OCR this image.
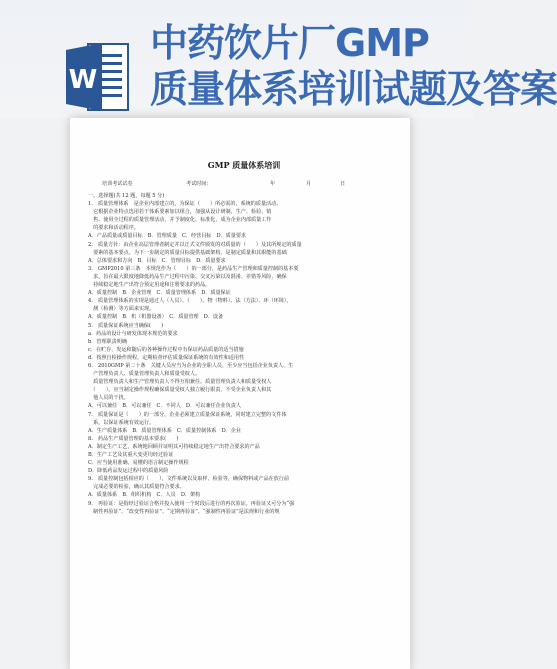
W
中药饮片厂GMP
质量体系培训试题及答案
GMP 质量体系培训
培训考试试卷	考试时间：	年	月	日
一、选择题(共 12 题，每题 5 分)
1.　质量管理体系　是企业内部建立的，为保证（　　）所必需的，系统的质量活动。
　它根据企业特点选用若干体系要素加以组合，加强从设计研制、生产、检验、销
　售、使用全过程的质量管理活动，并予制度化、标准化，成为企业内部质量工作
　的要求和活动程序。
A．产品质量或质量目标　B．管理质量　C．经营目标　D．质量要求
2.　质量方针：由企业高层管理者制定并以正式文件颁发的对质量的（　　）及其所规定的质量
　要素的基本要点。为下一步制定的质量目标提供基础架构，是制定质量和其职能的基础
A．总体要求和方向　B．目标　C．管理目标　D．质量要求
3.　GMP2010 第三条　本规范作为（　　）的一部分，是药品生产管理和质量控制的基本要
　求，旨在最大限度地降低药品生产过程中污染、交叉污染以及混淆、差错等风险，确保
　持续稳定地生产出符合预定用途和注册要求的药品。
A．质量控制　B．企业管理　C．质量管理体系　D．质量保证
4.　质量管理体系的实现是通过人（人员）、（　　）、物（物料）、法（方法）、环（环境），
　测（检测）等方面来实现。
A．质量控制　B．机（机器设备）　C．质量管理　D．设备
5.　质量保证系统应当确保(　　)
a．药品的设计与研发体现本规范的要求
b．管理职责明确
c．在贮存、发运和随后的各种操作过程中有保证药品质量的适当措施
d．按照自检操作规程，定期检查评估质量保证系统的有效性和适用性
6.　2010GMP 第二十条　关键人员应当为企业的全职人员，至少应当包括企业负责人、生
　产管理负责人、质量管理负责人和质量受权人。
　质量管理负责人和生产管理负责人不得互相兼任。质量管理负责人和质量受权人
　（　　）。应当制定操作规程确保质量受权人独立履行职责，不受企业负责人和其
　他人员的干扰。
A．可以兼任　B．可以兼任　C．不同人　D．可以兼任企业负责人
7.　质量保证是（　　）的一部分，企业必须建立质量保证系统，同时建立完整的文件体
　系，以保证系统有效运行。
A．生产质量体系　B．质量管理体系　C．质量控制体系　D．企业
8.　药品生产质量管理的基本要求(　　)
A．制定生产工艺，系统地回顾并证明其可持续稳定地生产出符合要求的产品
B．生产工艺及其重大变更均经过验证
C．应当使用准确、易懂的语言制定操作规程
D．降低药品发运过程中的质量风险
9.　质量控制包括相应的（　　），文件系统以及取样、检验等，确保物料或产品在放行前
　完成必要的检验，确认其质量符合要求。
A．质量体系　B．组织机构　C．人员　D．架构
9.　再验证：是指经过验证合格并投入使用一个时段后进行的再次验证。再验证又可分为“强
　制性再验证”、“改变性再验证”、“定期再验证”、“强制性再验证”是法规和行业的规
